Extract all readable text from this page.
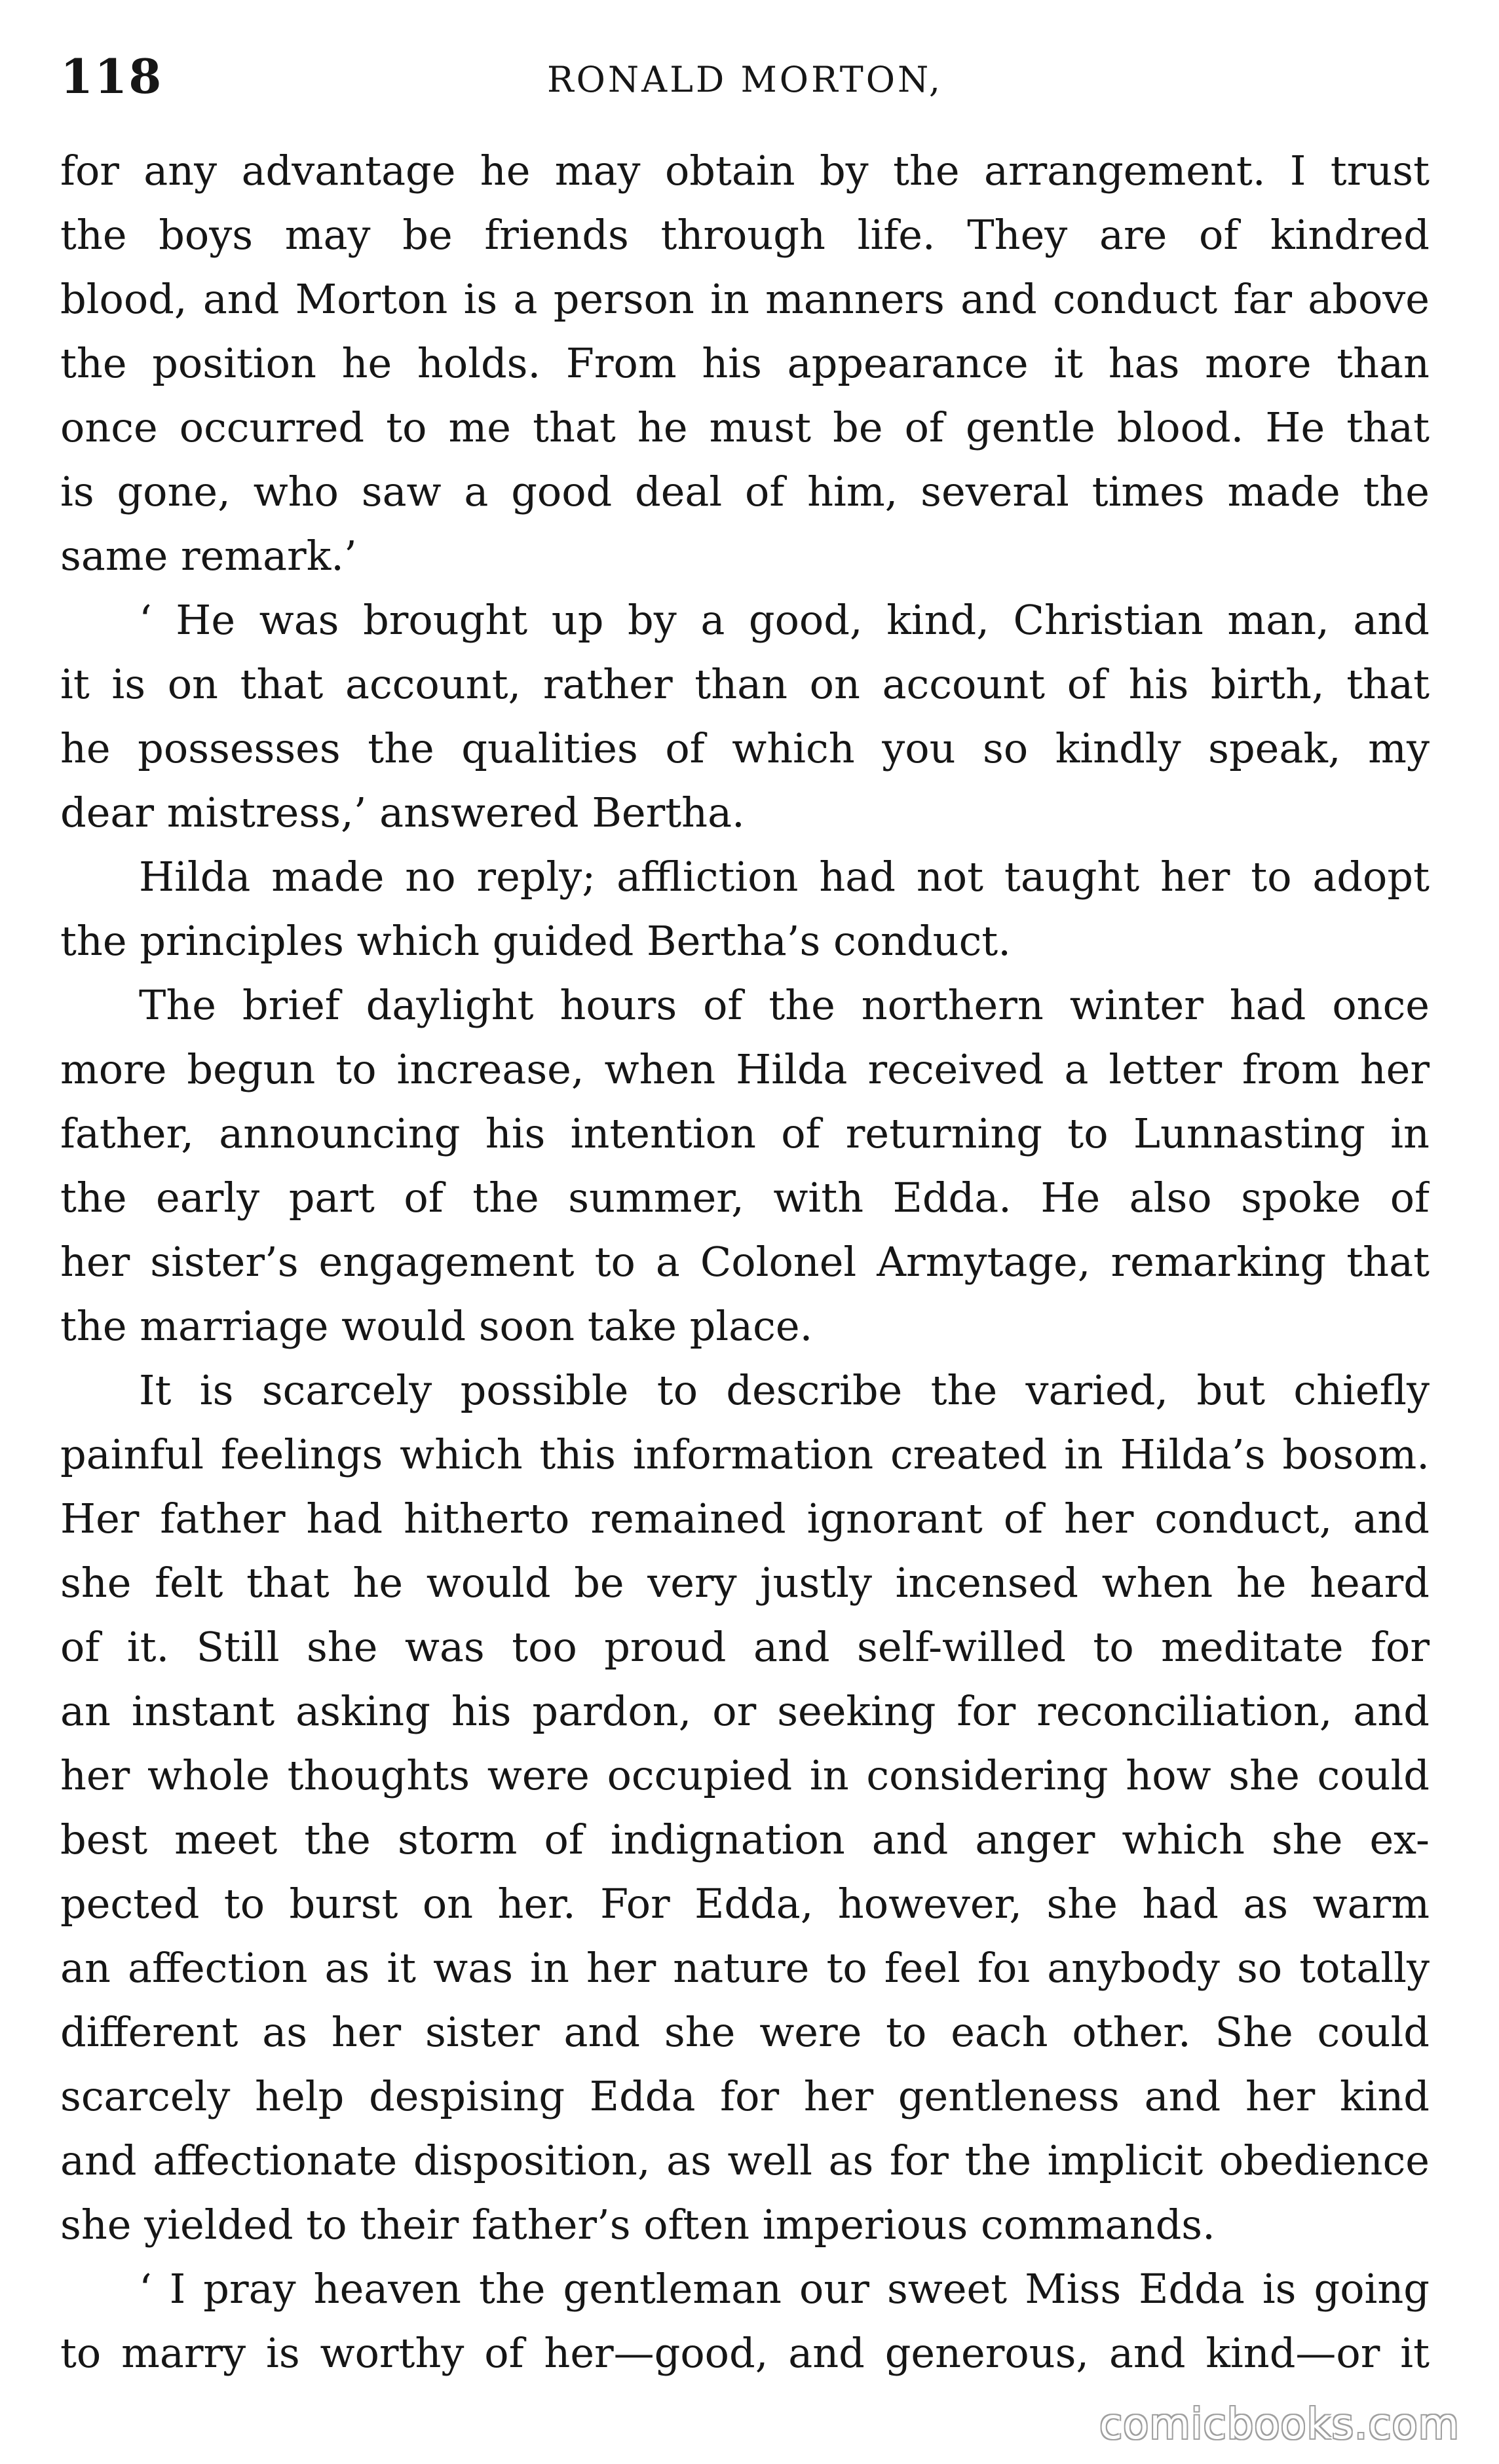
118	RONALD MORTON,
for any advantage he may obtain by the arrangement. I trust
the boys may be friends through life. They are of kindred
blood, and Morton is a person in manners and conduct far above
the position he holds. From his appearance it has more than
once occurred to me that he must be of gentle blood. He that
is gone, who saw a good deal of him, several times made the
same remark.’
‘ He was brought up by a good, kind, Christian man, and
it is on that account, rather than on account of his birth, that
he possesses the qualities of which you so kindly speak, my
dear mistress,’ answered Bertha.
Hilda made no reply; affliction had not taught her to adopt
the principles which guided Bertha’s conduct.
The brief daylight hours of the northern winter had once
more begun to increase, when Hilda received a letter from her
father, announcing his intention of returning to Lunnasting in
the early part of the summer, with Edda. He also spoke of
her sister’s engagement to a Colonel Armytage, remarking that
the marriage would soon take place.
It is scarcely possible to describe the varied, but chiefly
painful feelings which this information created in Hilda’s bosom.
Her father had hitherto remained ignorant of her conduct, and
she felt that he would be very justly incensed when he heard
of it. Still she was too proud and self-willed to meditate for
an instant asking his pardon, or seeking for reconciliation, and
her whole thoughts were occupied in considering how she could
best meet the storm of indignation and anger which she ex-
pected to burst on her. For Edda, however, she had as warm
an affection as it was in her nature to feel foı anybody so totally
different as her sister and she were to each other. She could
scarcely help despising Edda for her gentleness and her kind
and affectionate disposition, as well as for the implicit obedience
she yielded to their father’s often imperious commands.
‘ I pray heaven the gentleman our sweet Miss Edda is going
to marry is worthy of her—good, and generous, and kind—or it
comicbooks.com
